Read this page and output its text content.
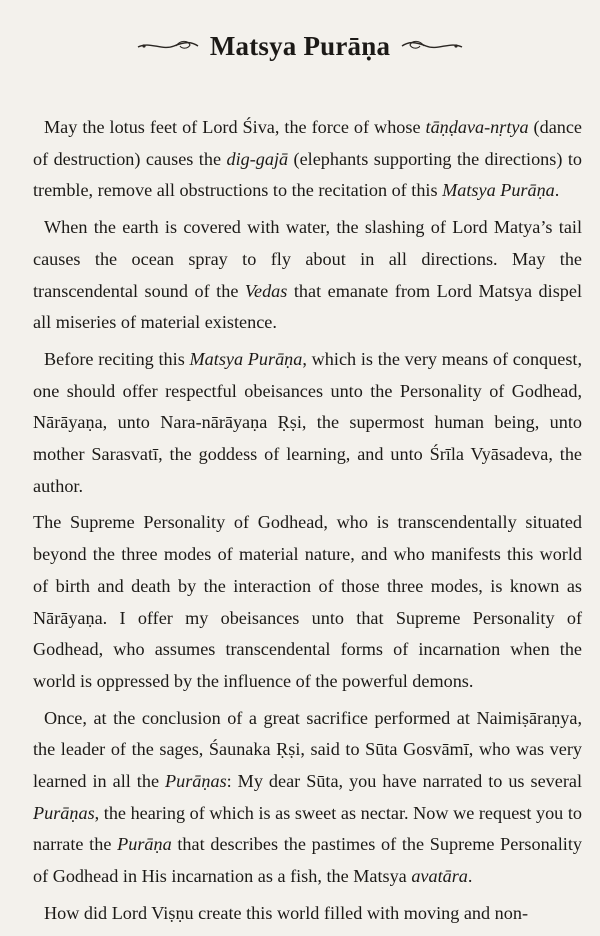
Matsya Purāṇa

May the lotus feet of Lord Śiva, the force of whose tāṇḍava-nṛtya (dance of destruction) causes the dig-gajā (elephants supporting the directions) to tremble, remove all obstructions to the recitation of this Matsya Purāṇa.

When the earth is covered with water, the slashing of Lord Matya’s tail causes the ocean spray to fly about in all directions. May the transcendental sound of the Vedas that emanate from Lord Matsya dispel all miseries of material existence.

Before reciting this Matsya Purāṇa, which is the very means of conquest, one should offer respectful obeisances unto the Personality of Godhead, Nārāyaṇa, unto Nara-nārāyaṇa Ṛṣi, the supermost human being, unto mother Sarasvatī, the goddess of learning, and unto Śrīla Vyāsadeva, the author.

The Supreme Personality of Godhead, who is transcendentally situated beyond the three modes of material nature, and who manifests this world of birth and death by the interaction of those three modes, is known as Nārāyaṇa. I offer my obeisances unto that Supreme Personality of Godhead, who assumes transcendental forms of incarnation when the world is oppressed by the influence of the powerful demons.

Once, at the conclusion of a great sacrifice performed at Naimiṣāraṇya, the leader of the sages, Śaunaka Ṛṣi, said to Sūta Gosvāmī, who was very learned in all the Purāṇas: My dear Sūta, you have narrated to us several Purāṇas, the hearing of which is as sweet as nectar. Now we request you to narrate the Purāṇa that describes the pastimes of the Supreme Personality of Godhead in His incarnation as a fish, the Matsya avatāra.

How did Lord Viṣṇu create this world filled with moving and non-
